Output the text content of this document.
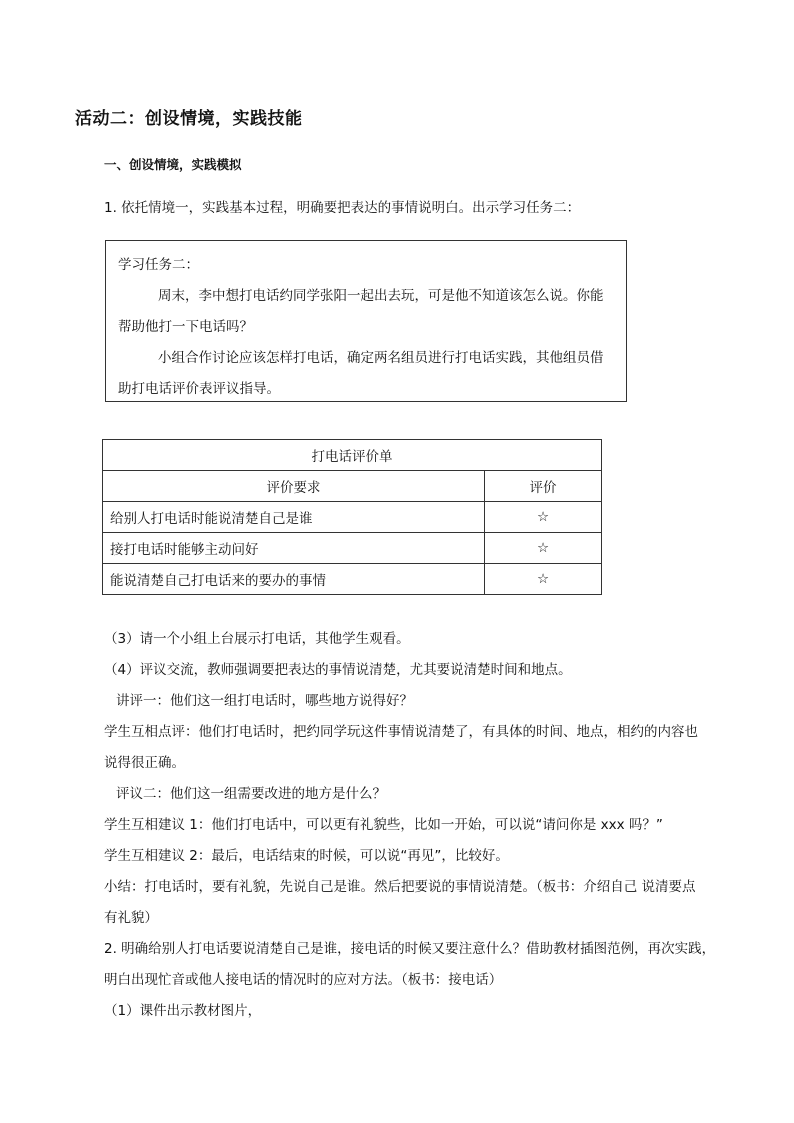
活动二：创设情境，实践技能
一、创设情境，实践模拟
1. 依托情境一，实践基本过程，明确要把表达的事情说明白。出示学习任务二：
学习任务二：
周末，李中想打电话约同学张阳一起出去玩，可是他不知道该怎么说。你能
帮助他打一下电话吗？
小组合作讨论应该怎样打电话，确定两名组员进行打电话实践，其他组员借
助打电话评价表评议指导。
打电话评价单	
评价要求	评价
给别人打电话时能说清楚自己是谁	☆
接打电话时能够主动问好	☆
能说清楚自己打电话来的要办的事情	☆
（3）请一个小组上台展示打电话，其他学生观看。
（4）评议交流，教师强调要把表达的事情说清楚，尤其要说清楚时间和地点。
讲评一：他们这一组打电话时，哪些地方说得好？
学生互相点评：他们打电话时，把约同学玩这件事情说清楚了，有具体的时间、地点，相约的内容也
说得很正确。
评议二：他们这一组需要改进的地方是什么？
学生互相建议 1：他们打电话中，可以更有礼貌些，比如一开始，可以说“请问你是 xxx 吗？”
学生互相建议 2：最后，电话结束的时候，可以说“再见”，比较好。
小结：打电话时，要有礼貌，先说自己是谁。然后把要说的事情说清楚。（板书：介绍自己 说清要点
有礼貌）
2. 明确给别人打电话要说清楚自己是谁，接电话的时候又要注意什么？借助教材插图范例，再次实践，
明白出现忙音或他人接电话的情况时的应对方法。（板书：接电话）
（1）课件出示教材图片，
